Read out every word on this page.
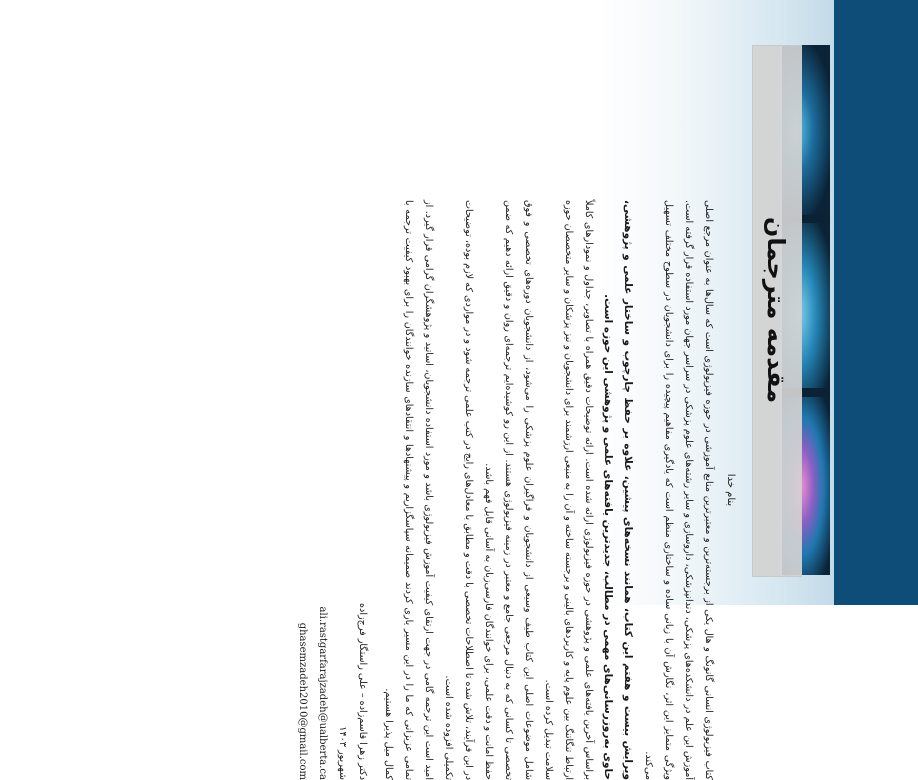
مقدمه مترجمان

بنام خدا

کتاب فیزیولوژی انسانی گانونگ و هال یکی از برجسته‌ترین و معتبرترین منابع آموزشی در حوزه فیزیولوژی است که سال‌ها به عنوان مرجع اصلی آموزش این علم در دانشکده‌های پزشکی، دندانپزشکی، داروسازی و سایر رشته‌های علوم پزشکی در سراسر جهان مورد استفاده قرار گرفته است. ویژگی متمایز این اثر، نگارش آن با زبانی ساده و ساختاری منظم است که یادگیری مفاهیم پیچیده را برای دانشجویان در سطوح مختلف تسهیل می‌کند.

ویرایش بیست و هفتم این کتاب، همانند نسخه‌های پیشین، علاوه بر حفظ چارچوب و ساختار علمی و پژوهشی، حاوی به‌روزرسانی‌های مهمی در مطالب، جدیدترین یافته‌های علمی و پژوهشی این حوزه است.

براساس آخرین یافته‌های علمی و پژوهشی در حوزه فیزیولوژی ارائه شده است. ارائه توضیحات دقیق همراه با تصاویر، جداول و نمودارهای کاملاً ارتباط تنگاتنگ بین علوم پایه و کاربرد‌های بالینی و برجسته ساخته و آن را به منبعی ارزشمند برای دانشجویان و نیز پزشکان و سایر متخصصان حوزه سلامت تبدیل کرده است.

شامل موضوعات اصلی این کتاب طیف وسیعی از دانشجویان و فراگیران علوم پزشکی را می‌شود، از دانشجویان دوره‌های تخصصی و فوق تخصصی تا کسانی که به دنبال مرجعی جامع و معتبر در زمینه فیزیولوژی هستند. از این رو کوشیده‌ایم ترجمه‌ای روان و دقیق ارائه دهیم که ضمن حفظ امانت و دقت علمی، برای خوانندگان فارسی‌زبان به آسانی قابل فهم باشد.

در این فرآیند، تلاش شده تا اصطلاحات تخصصی با دقت و مطابق با معادل‌های رایج در کتب علمی ترجمه شود و در مواردی که لازم بوده، توضیحات تکمیلی افزوده شده است.

امید است این ترجمه گامی در جهت ارتقای کیفیت آموزش فیزیولوژی باشد و مورد استفاده دانشجویان، اساتید و پژوهشگران گرامی قرار گیرد. از تمامی عزیزانی که ما را در این مسیر یاری کردند صمیمانه سپاسگزاریم و پیشنهادها و انتقادهای سازنده خوانندگان را برای بهبود کیفیت ترجمه با کمال میل پذیرا هستیم.

دکتر زهرا قاسم‌زاده – علی راستگار فرج‌زاده

شهریور ۱۴۰۳

ali.rastgarfarajzadeh@ualberta.ca

ghasemzadeh2010@gmail.com
